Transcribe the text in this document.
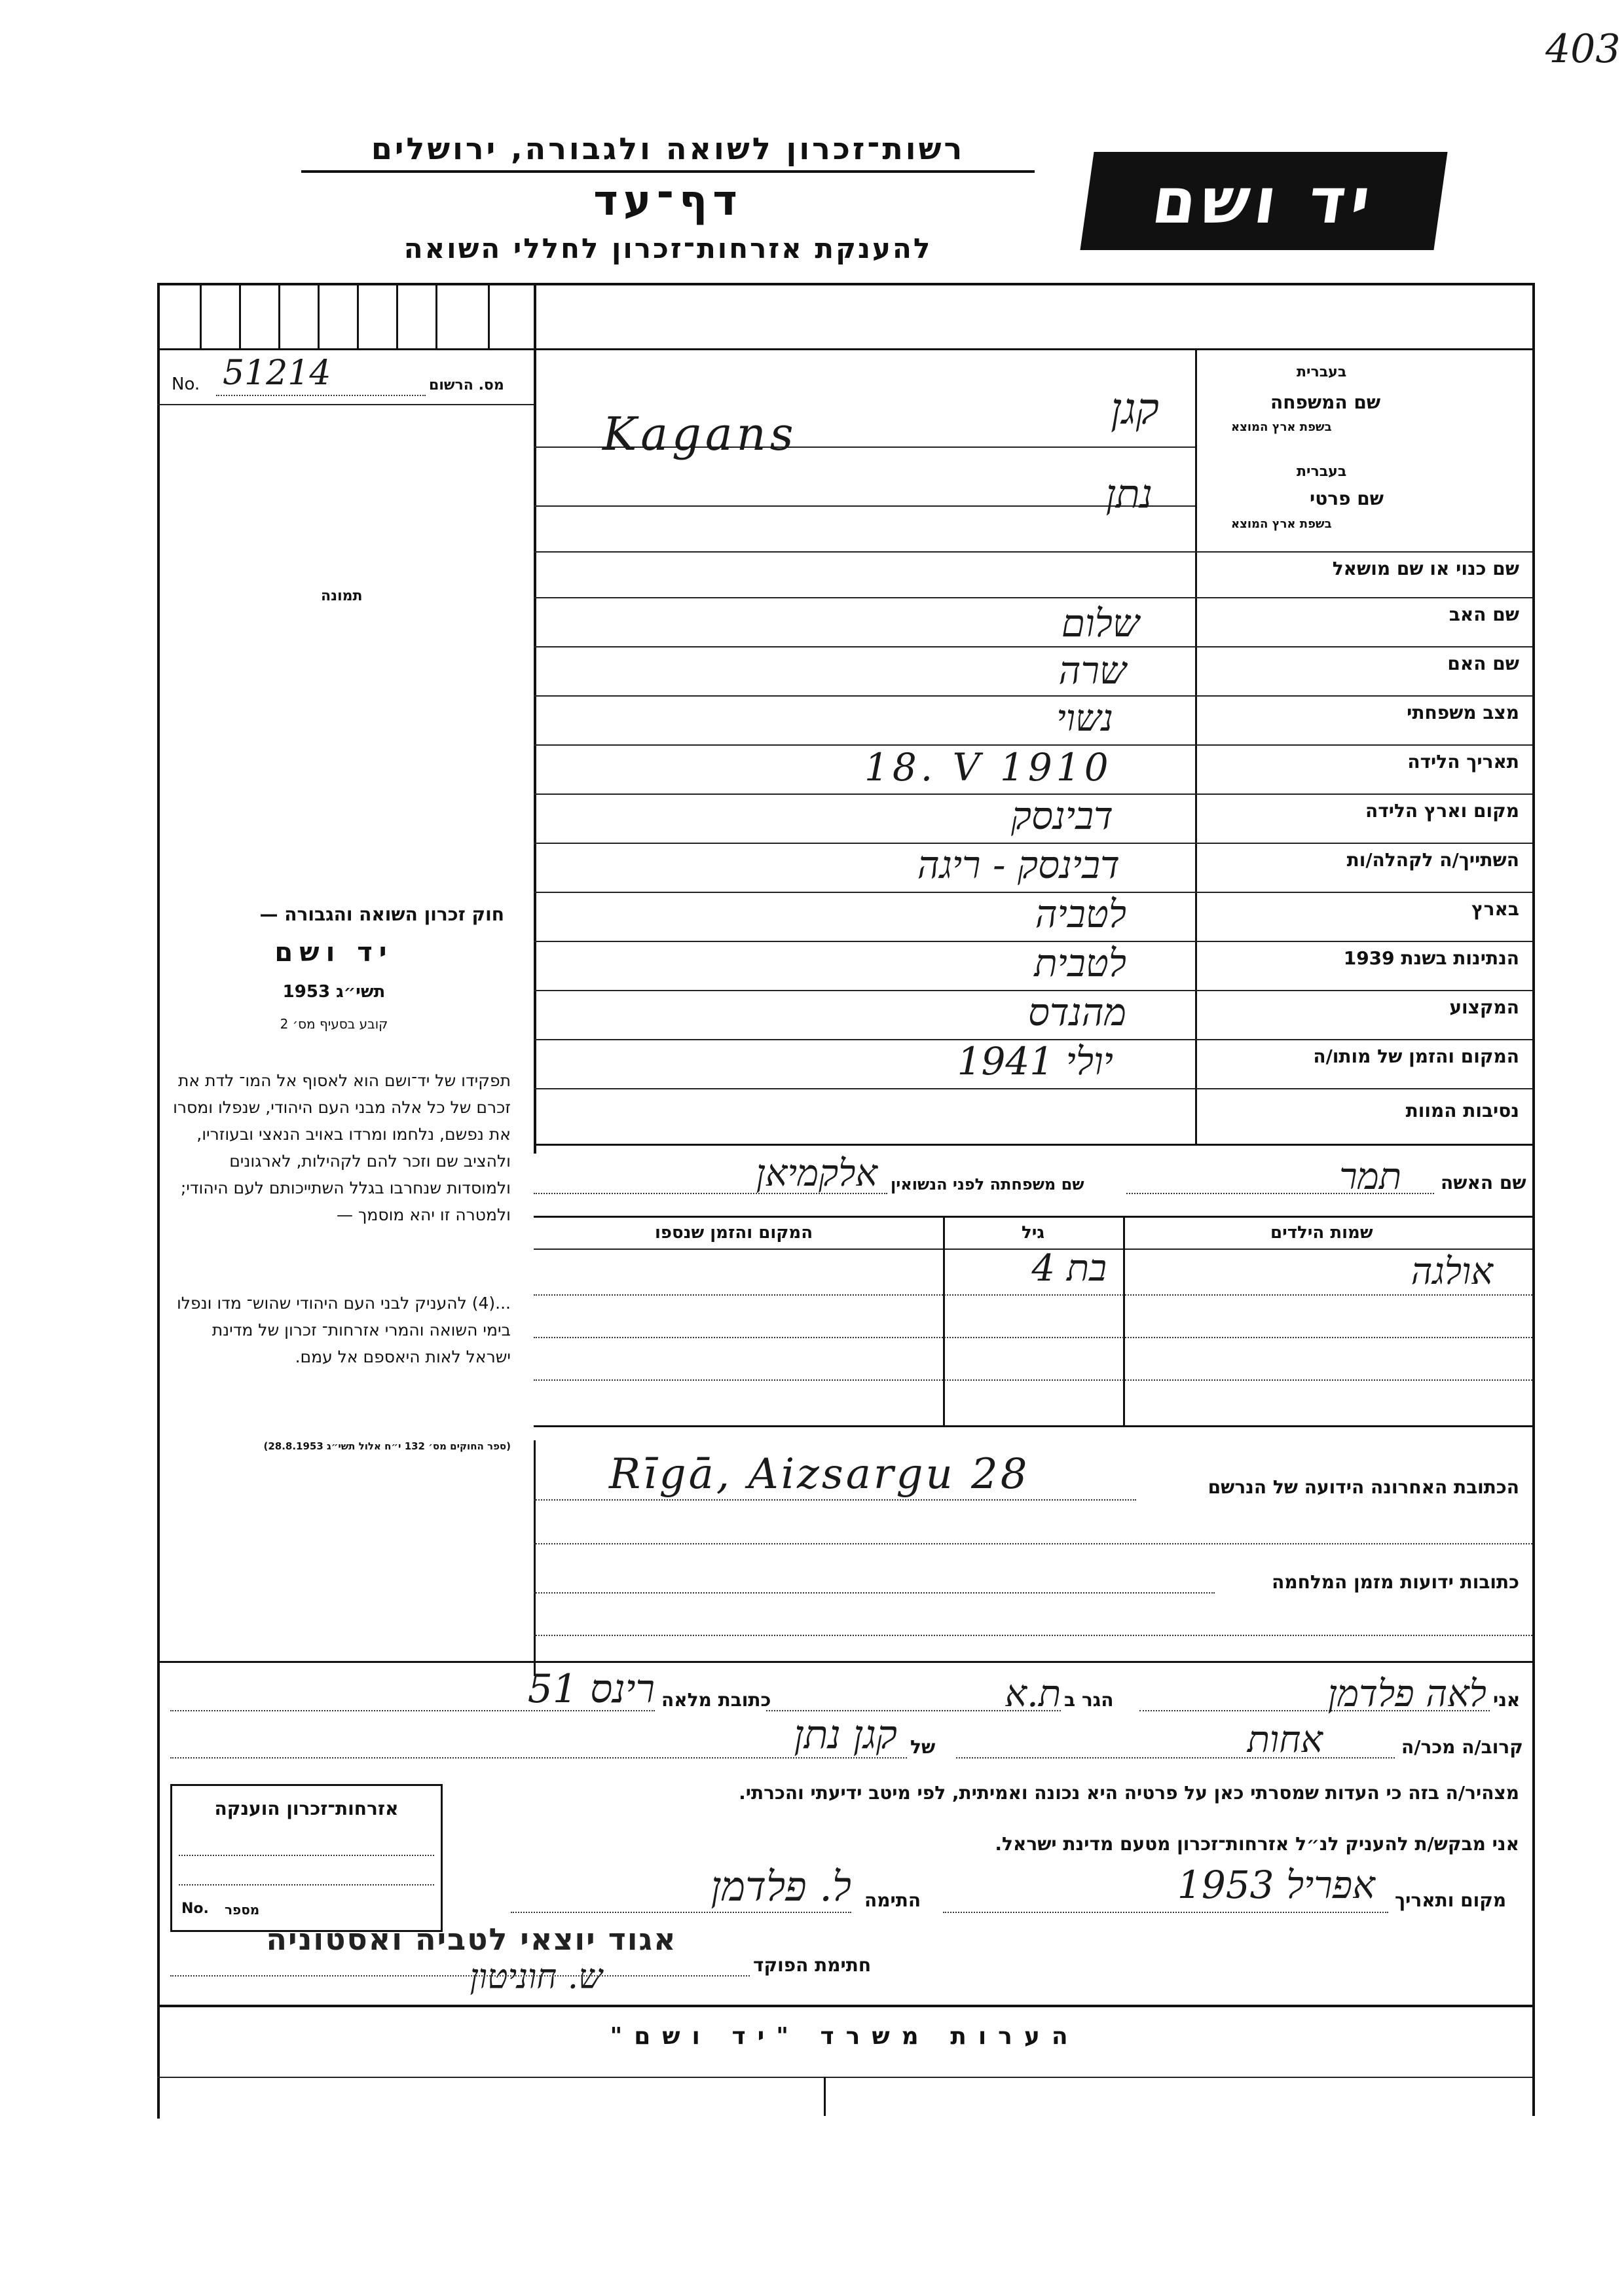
403
רשות־זכרון לשואה ולגבורה, ירושלים
דף־עד
להענקת אזרחות־זכרון לחללי השואה
יד ושם
No. 51214	מס. הרשום
תמונה
חוק זכרון השואה והגבורה —
יד ושם
תשי״ג 1953
קובע בסעיף מס׳ 2
תפקידו של יד־ושם הוא לאסוף אל המו־ לדת את זכרם של כל אלה מבני העם היהודי, שנפלו ומסרו את נפשם, נלחמו ומרדו באויב הנאצי ובעוזריו, ולהציב שם וזכר להם לקהילות, לארגונים ולמוסדות שנחרבו בגלל השתייכותם לעם היהודי; ולמטרה זו יהא מוסמך —
...(4) להעניק לבני העם היהודי שהוש־ מדו ונפלו בימי השואה והמרי אזרחות־ זכרון של מדינת ישראל לאות היאספם אל עמם.
(ספר החוקים מס׳ 132 י״ח אלול תשי״ג 28.8.1953)
שם המשפחה
בעברית
בשפת ארץ המוצא
קגן
Kagans
שם פרטי
בעברית
בשפת ארץ המוצא
נתן
שם כנוי או שם מושאל
שם האב
שלום
שם האם
שרה
מצב משפחתי
נשוי
תאריך הלידה
18. V 1910
מקום וארץ הלידה
דבינסק
השתייך/ה לקהלה/ות
דבינסק - ריגה
בארץ
לטביה
הנתינות בשנת 1939
לטבית
המקצוע
מהנדס
המקום והזמן של מותו/ה
יולי 1941
נסיבות המוות
שם האשה
תמר
שם משפחתה לפני הנשואין
אלקמיאן
שמות הילדים
גיל
המקום והזמן שנספו
אולגה
בת 4
הכתובת האחרונה הידועה של הנרשם
Rīgā, Aizsargu 28
כתובות ידועות מזמן המלחמה
אני
לאה פלדמן
הגר ב
ת.א
כתובת מלאה
רינס 51
קרוב/ה מכר/ה
אחות
של
קגן נתן
מצהיר/ה בזה כי העדות שמסרתי כאן על פרטיה היא נכונה ואמיתית, לפי מיטב ידיעתי והכרתי.
אני מבקש/ת להעניק לנ״ל אזרחות־זכרון מטעם מדינת ישראל.
מקום ותאריך
אפריל 1953
התימה
ל. פלדמן
אגוד יוצאי לטביה ואסטוניה
ש. חוניטון	חתימת הפוקד
אזרחות־זכרון הוענקה
No. מספר
הערות משרד "יד ושם"
